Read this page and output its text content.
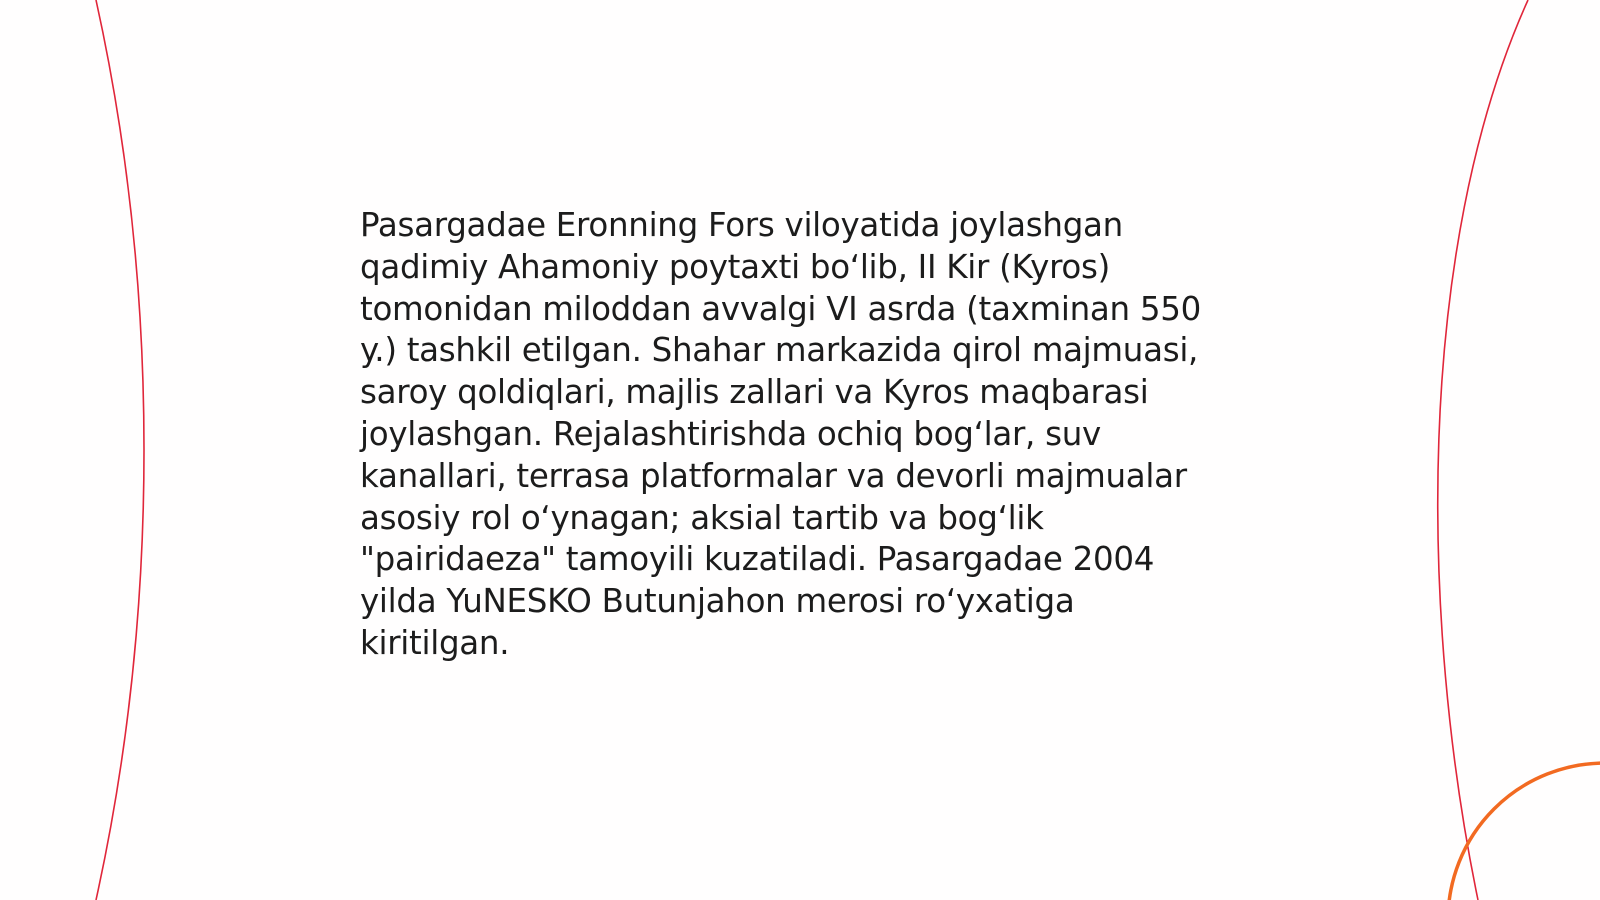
Pasargadae Eronning Fors viloyatida joylashgan
qadimiy Ahamoniy poytaxti bo‘lib, II Kir (Kyros)
tomonidan miloddan avvalgi VI asrda (taxminan 550
y.) tashkil etilgan. Shahar markazida qirol majmuasi,
saroy qoldiqlari, majlis zallari va Kyros maqbarasi
joylashgan. Rejalashtirishda ochiq bog‘lar, suv
kanallari, terrasa platformalar va devorli majmualar
asosiy rol o‘ynagan; aksial tartib va bog‘lik
"pairidaeza" tamoyili kuzatiladi. Pasargadae 2004
yilda YuNESKO Butunjahon merosi ro‘yxatiga
kiritilgan.
